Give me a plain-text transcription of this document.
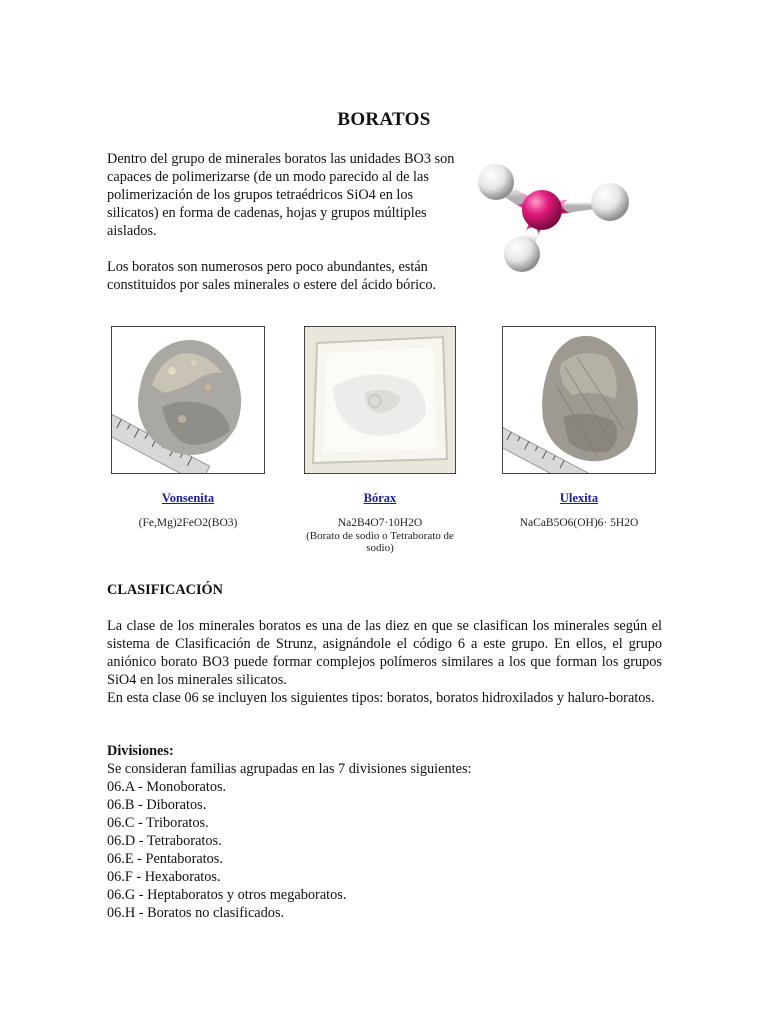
BORATOS

Dentro del grupo de minerales boratos las unidades BO3 son capaces de polimerizarse (de un modo parecido al de las polimerización de los grupos tetraédricos SiO4 en los silicatos) en forma de cadenas, hojas y grupos múltiples aislados.

Los boratos son numerosos pero poco abundantes, están constituidos por sales minerales o estere del ácido bórico.

Vonsenita
(Fe,Mg)2FeO2(BO3)
Bórax
Na2B4O7·10H2O
(Borato de sodio o Tetraborato de sodio)
Ulexita
NaCaB5O6(OH)6· 5H2O
CLASIFICACIÓN

La clase de los minerales boratos es una de las diez en que se clasifican los minerales según el sistema de Clasificación de Strunz, asignándole el código 6 a este grupo. En ellos, el grupo aniónico borato BO3 puede formar complejos polímeros similares a los que forman los grupos SiO4 en los minerales silicatos.

En esta clase 06 se incluyen los siguientes tipos: boratos, boratos hidroxilados y haluro-boratos.

Divisiones:
Se consideran familias agrupadas en las 7 divisiones siguientes:
06.A - Monoboratos.
06.B - Diboratos.
06.C - Triboratos.
06.D - Tetraboratos.
06.E - Pentaboratos.
06.F - Hexaboratos.
06.G - Heptaboratos y otros megaboratos.
06.H - Boratos no clasificados.
